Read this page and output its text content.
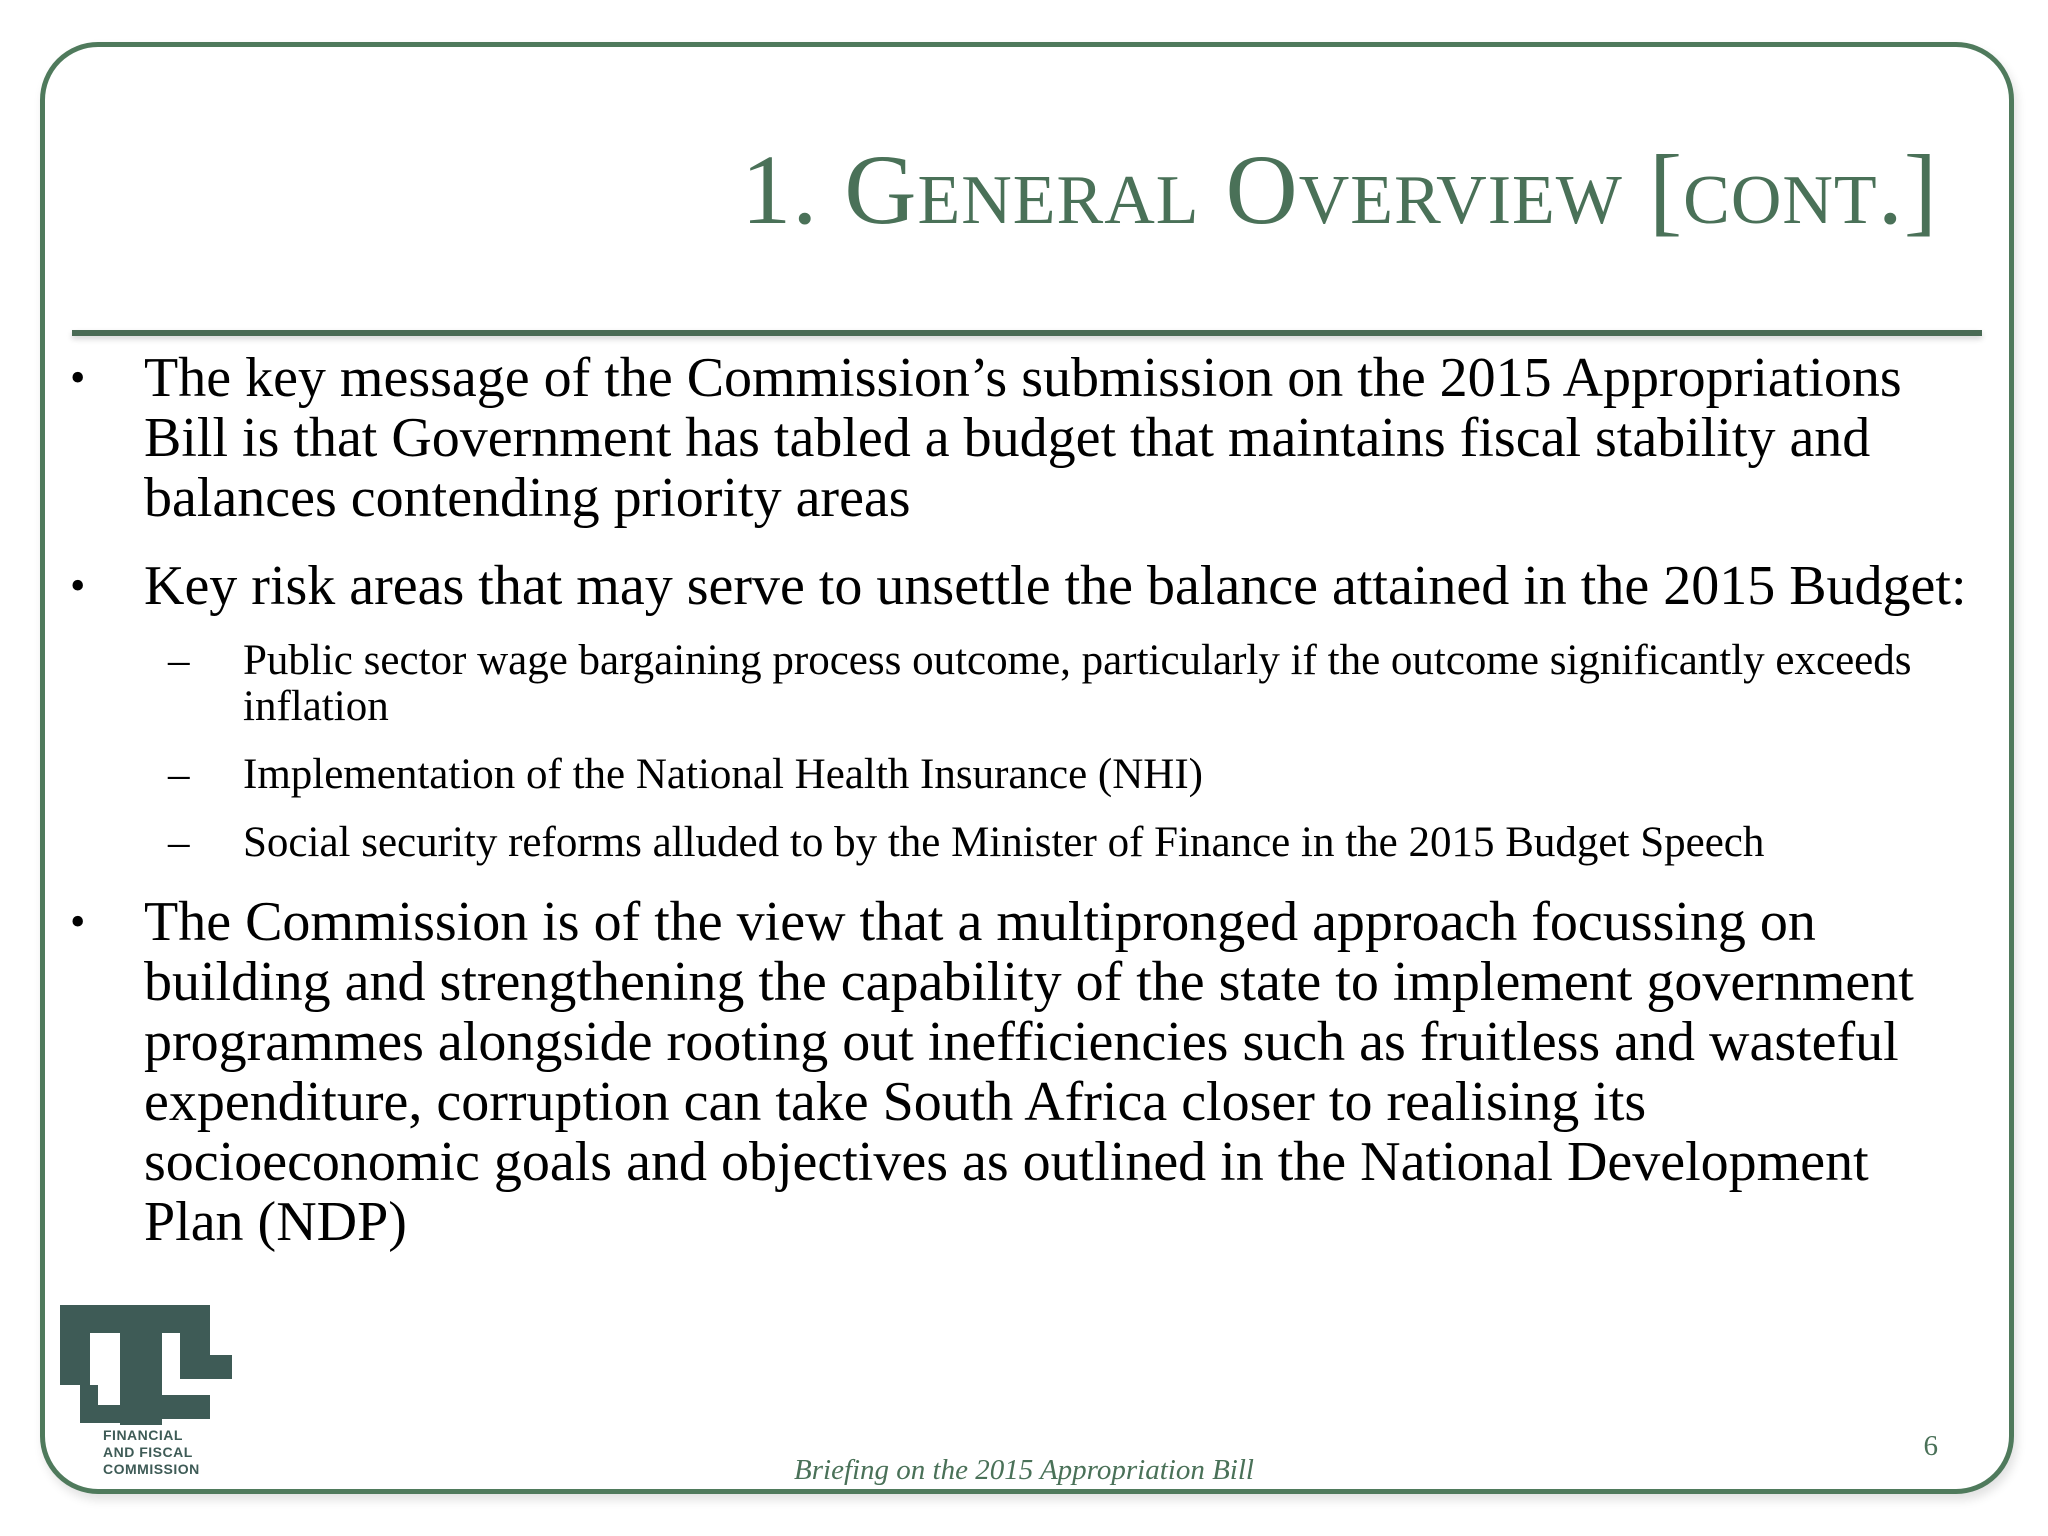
1. General Overview [cont.]
• The key message of the Commission’s submission on the 2015 Appropriations Bill is that Government has tabled a budget that maintains fiscal stability and balances contending priority areas
• Key risk areas that may serve to unsettle the balance attained in the 2015 Budget:
– Public sector wage bargaining process outcome, particularly if the outcome significantly exceeds inflation
– Implementation of the National Health Insurance (NHI)
– Social security reforms alluded to by the Minister of Finance in the 2015 Budget Speech
• The Commission is of the view that a multipronged approach focussing on building and strengthening the capability of the state to implement government programmes alongside rooting out inefficiencies such as fruitless and wasteful expenditure, corruption can take South Africa closer to realising its socioeconomic goals and objectives as outlined in the National Development Plan (NDP)
FINANCIAL
AND FISCAL
COMMISSION	Briefing on the 2015 Appropriation Bill
6
